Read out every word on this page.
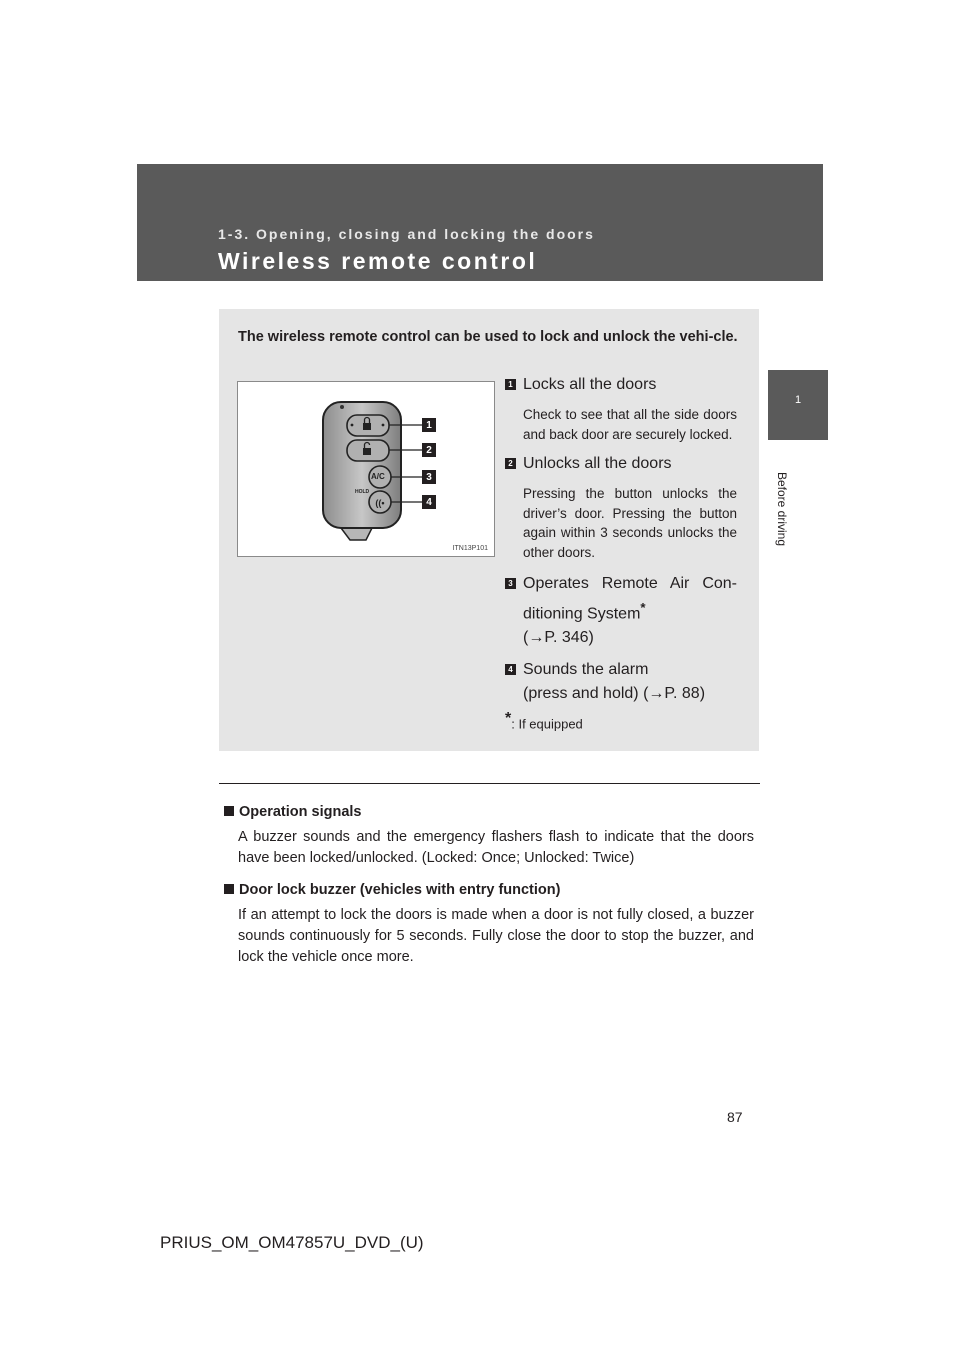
1-3. Opening, closing and locking the doors
Wireless remote control
1
Before driving
The wireless remote control can be used to lock and unlock the vehi-cle.
((•
A/C
HOLD
1
2
3
4
ITN13P101
1 Locks all the doors
Check to see that all the side doors and back door are securely locked.
2 Unlocks all the doors
Pressing the button unlocks the driver’s door. Pressing the button again within 3 seconds unlocks the other doors.
3 Operates Remote Air Con-ditioning System*
(→P. 346)
4 Sounds the alarm
(press and hold) (→P. 88)
*: If equipped
Operation signals
A buzzer sounds and the emergency flashers flash to indicate that the doors have been locked/unlocked. (Locked: Once; Unlocked: Twice)
Door lock buzzer (vehicles with entry function)
If an attempt to lock the doors is made when a door is not fully closed, a buzzer sounds continuously for 5 seconds. Fully close the door to stop the buzzer, and lock the vehicle once more.
87
PRIUS_OM_OM47857U_DVD_(U)
